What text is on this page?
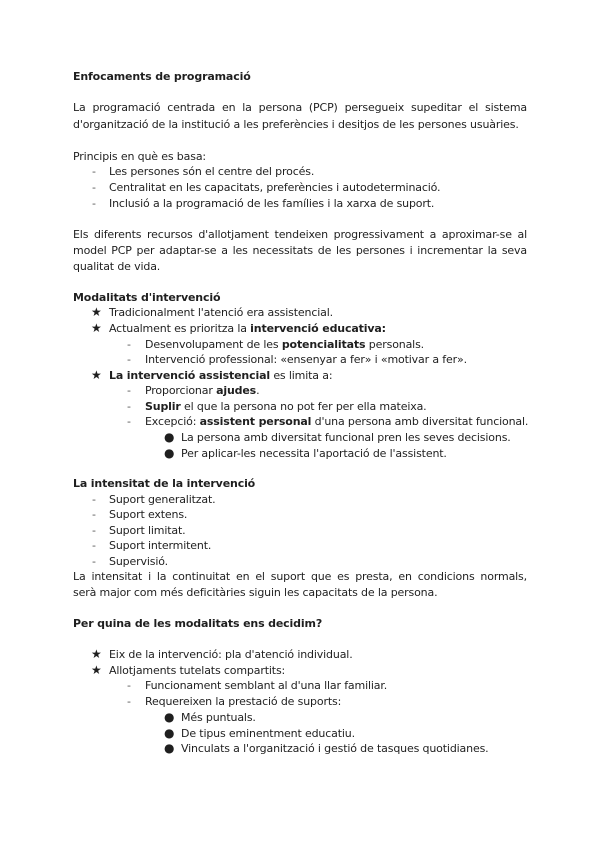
Enfocaments de programació
La programació centrada en la persona (PCP) persegueix supeditar el sistema
d'organització de la institució a les preferències i desitjos de les persones usuàries.
Principis en què es basa:
- Les persones són el centre del procés.
- Centralitat en les capacitats, preferències i autodeterminació.
- Inclusió a la programació de les famílies i la xarxa de suport.
Els diferents recursos d'allotjament tendeixen progressivament a aproximar-se al
model PCP per adaptar-se a les necessitats de les persones i incrementar la seva
qualitat de vida.
Modalitats d'intervenció
★ Tradicionalment l'atenció era assistencial.
★ Actualment es prioritza la intervenció educativa:
- Desenvolupament de les potencialitats personals.
- Intervenció professional: «ensenyar a fer» i «motivar a fer».
★ La intervenció assistencial es limita a:
- Proporcionar ajudes.
- Suplir el que la persona no pot fer per ella mateixa.
- Excepció: assistent personal d'una persona amb diversitat funcional.
● La persona amb diversitat funcional pren les seves decisions.
● Per aplicar-les necessita l'aportació de l'assistent.
La intensitat de la intervenció
- Suport generalitzat.
- Suport extens.
- Suport limitat.
- Suport intermitent.
- Supervisió.
La intensitat i la continuitat en el suport que es presta, en condicions normals,
serà major com més deficitàries siguin les capacitats de la persona.
Per quina de les modalitats ens decidim?
★ Eix de la intervenció: pla d'atenció individual.
★ Allotjaments tutelats compartits:
- Funcionament semblant al d'una llar familiar.
- Requereixen la prestació de suports:
● Més puntuals.
● De tipus eminentment educatiu.
● Vinculats a l'organització i gestió de tasques quotidianes.
